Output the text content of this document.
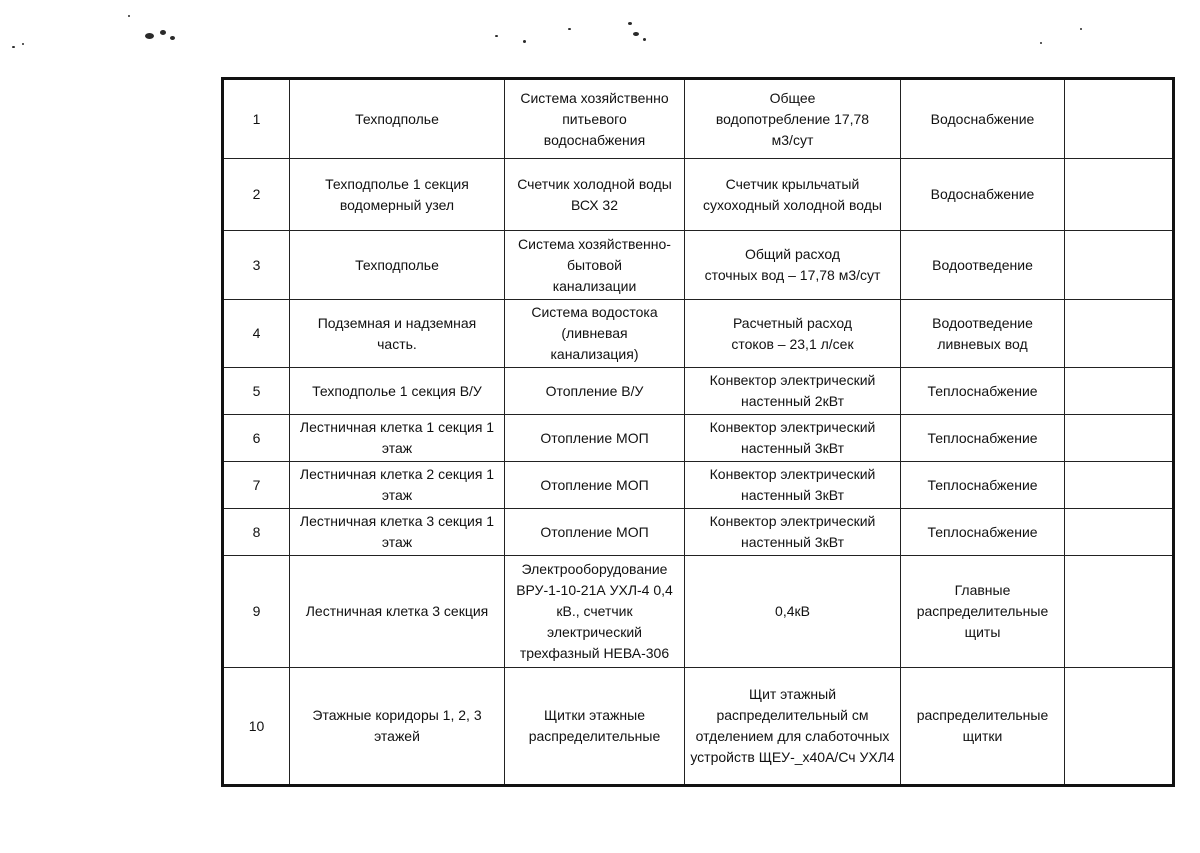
1	Техподполье	Система хозяйственно
питьевого
водоснабжения	Общее
водопотребление 17,78
м3/сут	Водоснабжение	
2	Техподполье 1 секция
водомерный узел	Счетчик холодной воды
ВСХ 32	Счетчик крыльчатый
сухоходный холодной воды	Водоснабжение	
3	Техподполье	Система хозяйственно-
бытовой
канализации	Общий расход
сточных вод – 17,78 м3/сут	Водоотведение	
4	Подземная и надземная
часть.	Система водостока
(ливневая
канализация)	Расчетный расход
стоков – 23,1 л/сек	Водоотведение
ливневых вод	
5	Техподполье 1 секция В/У	Отопление В/У	Конвектор электрический
настенный 2кВт	Теплоснабжение	
6	Лестничная клетка 1 секция 1
этаж	Отопление МОП	Конвектор электрический
настенный 3кВт	Теплоснабжение	
7	Лестничная клетка 2 секция 1
этаж	Отопление МОП	Конвектор электрический
настенный 3кВт	Теплоснабжение	
8	Лестничная клетка 3 секция 1
этаж	Отопление МОП	Конвектор электрический
настенный 3кВт	Теплоснабжение	
9	Лестничная клетка 3 секция	Электрооборудование
ВРУ-1-10-21А УХЛ-4 0,4
кВ., счетчик
электрический
трехфазный НЕВА-306	0,4кВ	Главные
распределительные
щиты	
10	Этажные коридоры 1, 2, 3
этажей	Щитки этажные
распределительные	Щит этажный
распределительный см
отделением для слаботочных
устройств ЩЕУ-_х40А/Сч УХЛ4	распределительные
щитки	
